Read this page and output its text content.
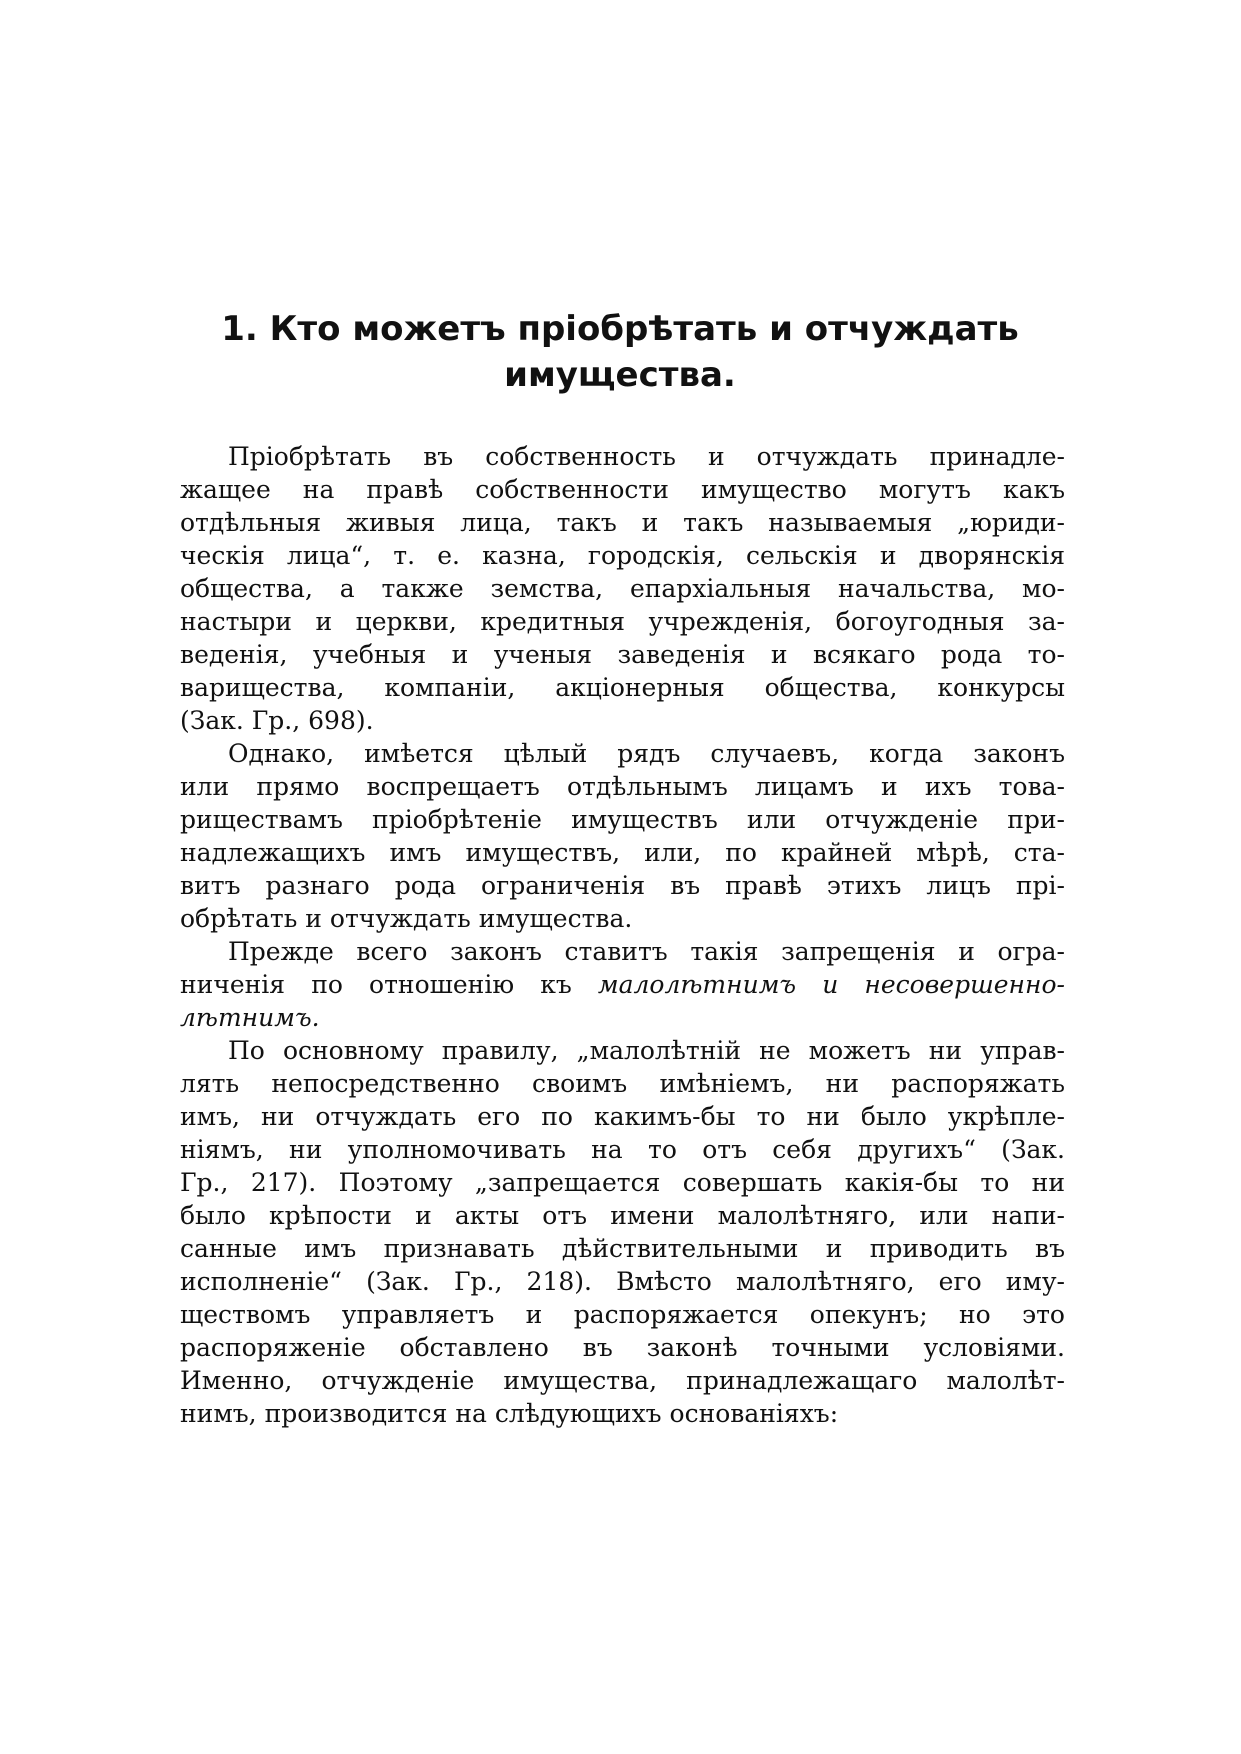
1. Кто можетъ пріобрѣтать и отчуждать
имущества.

Пріобрѣтать въ собственность и отчуждать принадле-
жащее на правѣ собственности имущество могутъ какъ
отдѣльныя живыя лица, такъ и такъ называемыя „юриди-
ческія лица“, т. е. казна, городскія, сельскія и дворянскія
общества, а также земства, епархіальныя начальства, мо-
настыри и церкви, кредитныя учрежденія, богоугодныя за-
веденія, учебныя и ученыя заведенія и всякаго рода то-
варищества, компаніи, акціонерныя общества, конкурсы
(Зак. Гр., 698).

Однако, имѣется цѣлый рядъ случаевъ, когда законъ
или прямо воспрещаетъ отдѣльнымъ лицамъ и ихъ това-
риществамъ пріобрѣтеніе имуществъ или отчужденіе при-
надлежащихъ имъ имуществъ, или, по крайней мѣрѣ, ста-
витъ разнаго рода ограниченія въ правѣ этихъ лицъ прі-
обрѣтать и отчуждать имущества.

Прежде всего законъ ставитъ такія запрещенія и огра-
ниченія по отношенію къ малолѣтнимъ и несовершенно-
лѣтнимъ.

По основному правилу, „малолѣтній не можетъ ни управ-
лять непосредственно своимъ имѣніемъ, ни распоряжать
имъ, ни отчуждать его по какимъ-бы то ни было укрѣпле-
ніямъ, ни уполномочивать на то отъ себя другихъ“ (Зак.
Гр., 217). Поэтому „запрещается совершать какія-бы то ни
было крѣпости и акты отъ имени малолѣтняго, или напи-
санные имъ признавать дѣйствительными и приводить въ
исполненіе“ (Зак. Гр., 218). Вмѣсто малолѣтняго, его иму-
ществомъ управляетъ и распоряжается опекунъ; но это
распоряженіе обставлено въ законѣ точными условіями.
Именно, отчужденіе имущества, принадлежащаго малолѣт-
нимъ, производится на слѣдующихъ основаніяхъ:
